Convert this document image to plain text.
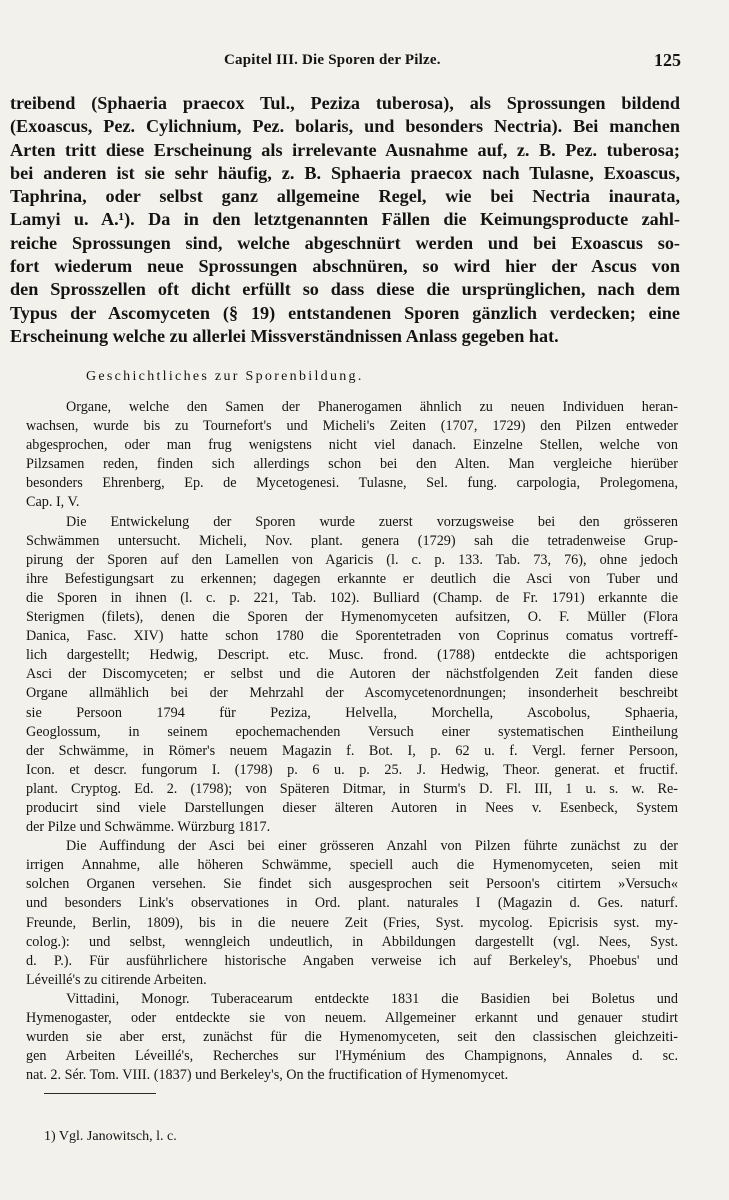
Capitel III. Die Sporen der Pilze.	125
treibend (Sphaeria praecox Tul., Peziza tuberosa), als Sprossungen bildend
(Exoascus, Pez. Cylichnium, Pez. bolaris, und besonders Nectria). Bei manchen
Arten tritt diese Erscheinung als irrelevante Ausnahme auf, z. B. Pez. tuberosa;
bei anderen ist sie sehr häufig, z. B. Sphaeria praecox nach Tulasne, Exoascus,
Taphrina, oder selbst ganz allgemeine Regel, wie bei Nectria inaurata,
Lamyi u. A.¹). Da in den letztgenannten Fällen die Keimungsproducte zahl-
reiche Sprossungen sind, welche abgeschnürt werden und bei Exoascus so-
fort wiederum neue Sprossungen abschnüren, so wird hier der Ascus von
den Sprosszellen oft dicht erfüllt so dass diese die ursprünglichen, nach dem
Typus der Ascomyceten (§ 19) entstandenen Sporen gänzlich verdecken; eine
Erscheinung welche zu allerlei Missverständnissen Anlass gegeben hat.
Geschichtliches zur Sporenbildung.
Organe, welche den Samen der Phanerogamen ähnlich zu neuen Individuen heran-
wachsen, wurde bis zu Tournefort's und Micheli's Zeiten (1707, 1729) den Pilzen entweder
abgesprochen, oder man frug wenigstens nicht viel danach. Einzelne Stellen, welche von
Pilzsamen reden, finden sich allerdings schon bei den Alten. Man vergleiche hierüber
besonders Ehrenberg, Ep. de Mycetogenesi. Tulasne, Sel. fung. carpologia, Prolegomena,
Cap. I, V.
Die Entwickelung der Sporen wurde zuerst vorzugsweise bei den grösseren
Schwämmen untersucht. Micheli, Nov. plant. genera (1729) sah die tetradenweise Grup-
pirung der Sporen auf den Lamellen von Agaricis (l. c. p. 133. Tab. 73, 76), ohne jedoch
ihre Befestigungsart zu erkennen; dagegen erkannte er deutlich die Asci von Tuber und
die Sporen in ihnen (l. c. p. 221, Tab. 102). Bulliard (Champ. de Fr. 1791) erkannte die
Sterigmen (filets), denen die Sporen der Hymenomyceten aufsitzen, O. F. Müller (Flora
Danica, Fasc. XIV) hatte schon 1780 die Sporentetraden von Coprinus comatus vortreff-
lich dargestellt; Hedwig, Descript. etc. Musc. frond. (1788) entdeckte die achtsporigen
Asci der Discomyceten; er selbst und die Autoren der nächstfolgenden Zeit fanden diese
Organe allmählich bei der Mehrzahl der Ascomycetenordnungen; insonderheit beschreibt
sie Persoon 1794 für Peziza, Helvella, Morchella, Ascobolus, Sphaeria,
Geoglossum, in seinem epochemachenden Versuch einer systematischen Eintheilung
der Schwämme, in Römer's neuem Magazin f. Bot. I, p. 62 u. f. Vergl. ferner Persoon,
Icon. et descr. fungorum I. (1798) p. 6 u. p. 25. J. Hedwig, Theor. generat. et fructif.
plant. Cryptog. Ed. 2. (1798); von Späteren Ditmar, in Sturm's D. Fl. III, 1 u. s. w. Re-
producirt sind viele Darstellungen dieser älteren Autoren in Nees v. Esenbeck, System
der Pilze und Schwämme. Würzburg 1817.
Die Auffindung der Asci bei einer grösseren Anzahl von Pilzen führte zunächst zu der
irrigen Annahme, alle höheren Schwämme, speciell auch die Hymenomyceten, seien mit
solchen Organen versehen. Sie findet sich ausgesprochen seit Persoon's citirtem »Versuch«
und besonders Link's observationes in Ord. plant. naturales I (Magazin d. Ges. naturf.
Freunde, Berlin, 1809), bis in die neuere Zeit (Fries, Syst. mycolog. Epicrisis syst. my-
colog.): und selbst, wenngleich undeutlich, in Abbildungen dargestellt (vgl. Nees, Syst.
d. P.). Für ausführlichere historische Angaben verweise ich auf Berkeley's, Phoebus' und
Léveillé's zu citirende Arbeiten.
Vittadini, Monogr. Tuberacearum entdeckte 1831 die Basidien bei Boletus und
Hymenogaster, oder entdeckte sie von neuem. Allgemeiner erkannt und genauer studirt
wurden sie aber erst, zunächst für die Hymenomyceten, seit den classischen gleichzeiti-
gen Arbeiten Léveillé's, Recherches sur l'Hyménium des Champignons, Annales d. sc.
nat. 2. Sér. Tom. VIII. (1837) und Berkeley's, On the fructification of Hymenomycet.
1) Vgl. Janowitsch, l. c.
